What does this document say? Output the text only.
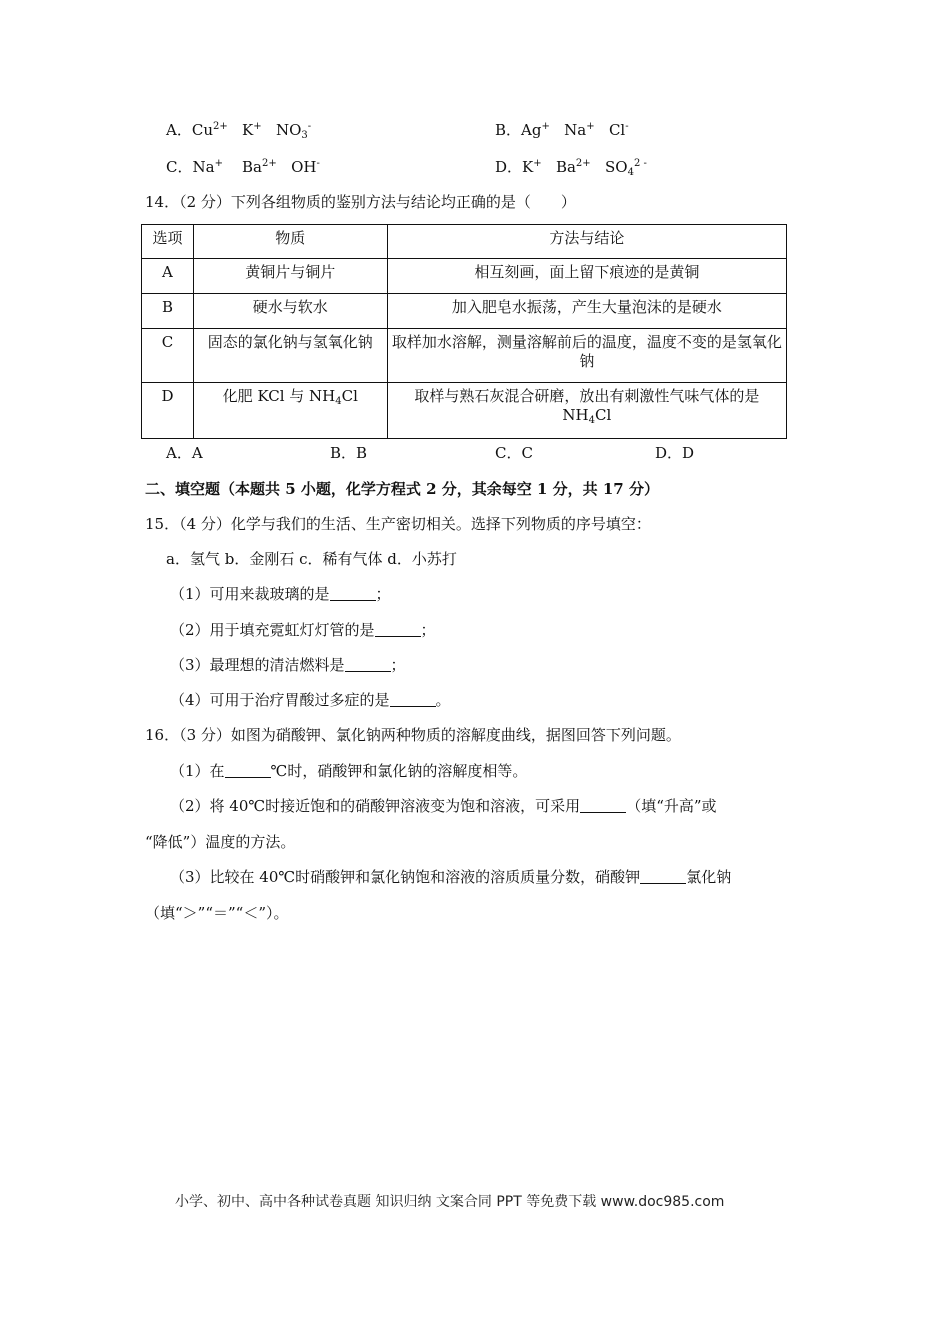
A．$Cu^{2+}$ K+ $NO_3^-$	B．Ag+ Na+ Cl-
C．Na+ $Ba^{2+}$ OH-	D．K+ $Ba^{2+}$ $SO_4^{2 -}$
14．（2 分）下列各组物质的鉴别方法与结论均正确的是（　　）
选项	物质	方法与结论
A	黄铜片与铜片	相互刻画，面上留下痕迹的是黄铜
B	硬水与软水	加入肥皂水振荡，产生大量泡沫的是硬水
C	固态的氯化钠与氢氧化钠	取样加水溶解，测量溶解前后的温度，温度不变的是氢氧化钠
D	化肥 KCl 与 $NH_4Cl$	取样与熟石灰混合研磨，放出有刺激性气味气体的是
$NH_4Cl$
A．A	B．B	C．C	D．D
二、填空题（本题共 5 小题，化学方程式 2 分，其余每空 1 分，共 17 分）
15．（4 分）化学与我们的生活、生产密切相关。选择下列物质的序号填空：
a．氢气 b．金刚石 c．稀有气体 d．小苏打
（1）可用来裁玻璃的是	；
（2）用于填充霓虹灯灯管的是	；
（3）最理想的清洁燃料是	；
（4）可用于治疗胃酸过多症的是	。
16．（3 分）如图为硝酸钾、氯化钠两种物质的溶解度曲线，据图回答下列问题。
（1）在	℃时，硝酸钾和氯化钠的溶解度相等。
（2）将 40℃时接近饱和的硝酸钾溶液变为饱和溶液，可采用	（填“升高”或
“降低”）温度的方法。
（3）比较在 40℃时硝酸钾和氯化钠饱和溶液的溶质质量分数，硝酸钾	氯化钠
（填“＞”“＝”“＜”）。
小学、初中、高中各种试卷真题 知识归纳 文案合同 PPT 等免费下载 www.doc985.com
